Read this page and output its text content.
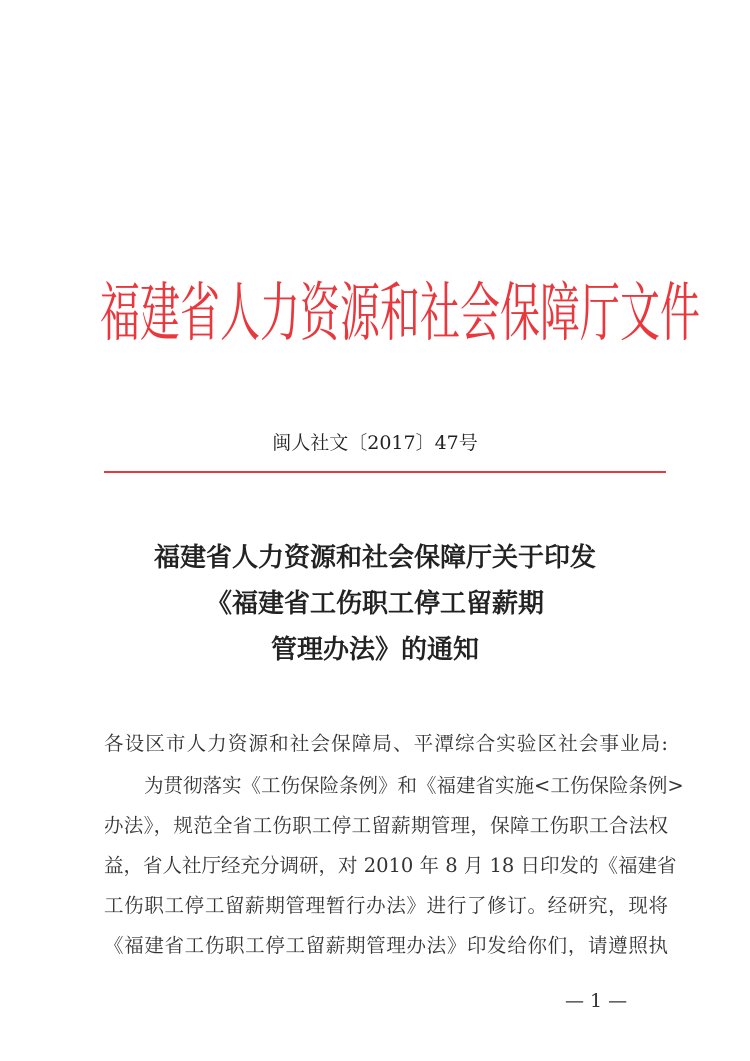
福建省人力资源和社会保障厅文件
闽人社文〔2017〕47号
福建省人力资源和社会保障厅关于印发
《福建省工伤职工停工留薪期
管理办法》的通知
各设区市人力资源和社会保障局、平潭综合实验区社会事业局:
为贯彻落实《工伤保险条例》和《福建省实施<工伤保险条例>
办法》，规范全省工伤职工停工留薪期管理，保障工伤职工合法权
益，省人社厅经充分调研，对 2010 年 8 月 18 日印发的《福建省
工伤职工停工留薪期管理暂行办法》进行了修订。经研究，现将
《福建省工伤职工停工留薪期管理办法》印发给你们，请遵照执
— 1 —
